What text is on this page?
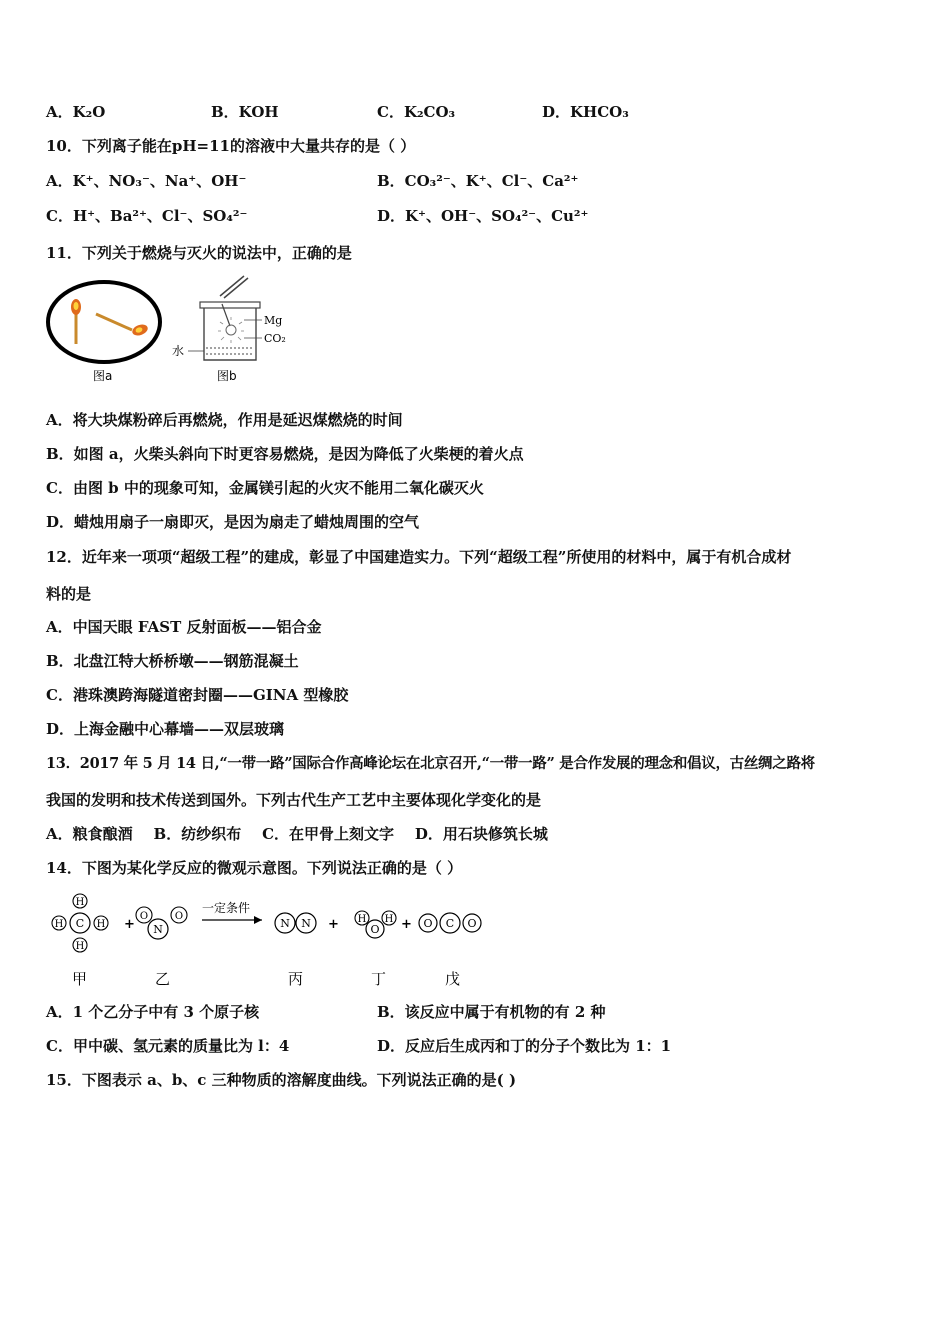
A．K₂O	B．KOH	C．K₂CO₃	D．KHCO₃
10．下列离子能在pH=11的溶液中大量共存的是（ ）
A．K⁺、NO₃⁻、Na⁺、OH⁻	B．CO₃²⁻、K⁺、Cl⁻、Ca²⁺
C．H⁺、Ba²⁺、Cl⁻、SO₄²⁻	D．K⁺、OH⁻、SO₄²⁻、Cu²⁺
11．下列关于燃烧与灭火的说法中，正确的是
图a
Mg
CO₂
水
图b
A．将大块煤粉碎后再燃烧，作用是延迟煤燃烧的时间
B．如图 a，火柴头斜向下时更容易燃烧，是因为降低了火柴梗的着火点
C．由图 b 中的现象可知，金属镁引起的火灾不能用二氧化碳灭火
D．蜡烛用扇子一扇即灭，是因为扇走了蜡烛周围的空气
12．近年来一项项“超级工程”的建成，彰显了中国建造实力。下列“超级工程”所使用的材料中，属于有机合成材
料的是
A．中国天眼 FAST 反射面板——铝合金
B．北盘江特大桥桥墩——钢筋混凝土
C．港珠澳跨海隧道密封圈——GINA 型橡胶
D．上海金融中心幕墙——双层玻璃
13．2017 年 5 月 14 日,“一带一路”国际合作高峰论坛在北京召开,“一带一路” 是合作发展的理念和倡议，古丝绸之路将
我国的发明和技术传送到国外。下列古代生产工艺中主要体现化学变化的是
A．粮食酿酒    B．纺纱织布    C．在甲骨上刻文字    D．用石块修筑长城
14．下图为某化学反应的微观示意图。下列说法正确的是（ ）
C
H
H
H	H + N
O	O
一定条件
N N +	O
H H + O C O
甲	乙	丙	丁	戊
A．1 个乙分子中有 3 个原子核	B．该反应中属于有机物的有 2 种
C．甲中碳、氢元素的质量比为 l：4	D．反应后生成丙和丁的分子个数比为 1：1
15．下图表示 a、b、c 三种物质的溶解度曲线。下列说法正确的是( )
